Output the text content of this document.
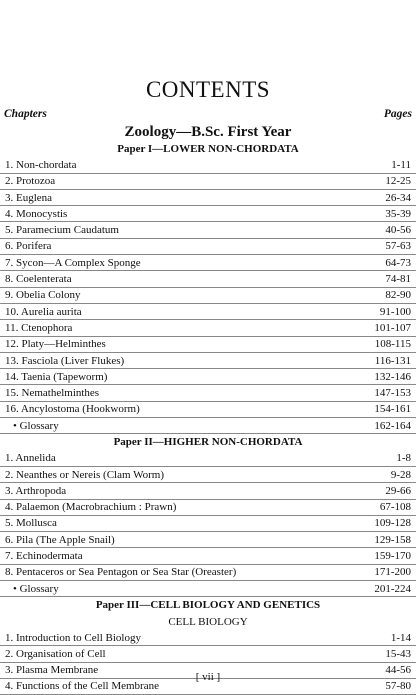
CONTENTS
Chapters	Pages
Zoology—B.Sc. First Year
Paper I—LOWER NON-CHORDATA
1. Non-chordata	1-11
2. Protozoa	12-25
3. Euglena	26-34
4. Monocystis	35-39
5. Paramecium Caudatum	40-56
6. Porifera	57-63
7. Sycon—A Complex Sponge	64-73
8. Coelenterata	74-81
9. Obelia Colony	82-90
10. Aurelia aurita	91-100
11. Ctenophora	101-107
12. Platy—Helminthes	108-115
13. Fasciola (Liver Flukes)	116-131
14. Taenia (Tapeworm)	132-146
15. Nemathelminthes	147-153
16. Ancylostoma (Hookworm)	154-161
• Glossary	162-164
Paper II—HIGHER NON-CHORDATA
1. Annelida	1-8
2. Neanthes or Nereis (Clam Worm)	9-28
3. Arthropoda	29-66
4. Palaemon (Macrobrachium : Prawn)	67-108
5. Mollusca	109-128
6. Pila (The Apple Snail)	129-158
7. Echinodermata	159-170
8. Pentaceros or Sea Pentagon or Sea Star (Oreaster)	171-200
• Glossary	201-224
Paper III—CELL BIOLOGY AND GENETICS
CELL BIOLOGY
1. Introduction to Cell Biology	1-14
2. Organisation of Cell	15-43
3. Plasma Membrane	44-56
4. Functions of the Cell Membrane	57-80
[ vii ]
